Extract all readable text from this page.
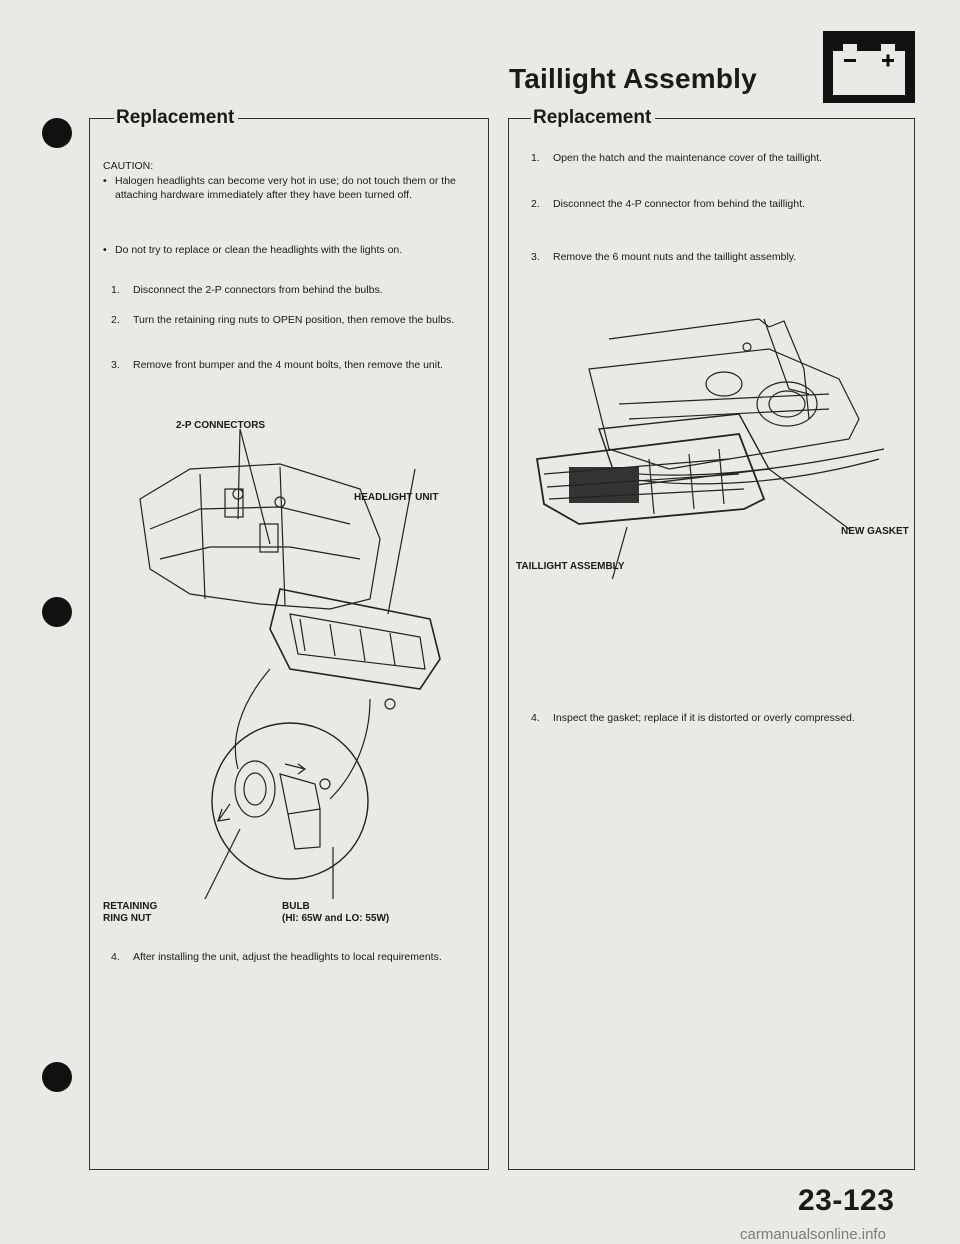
Taillight Assembly
Replacement
CAUTION:
• Halogen headlights can become very hot in use; do not touch them or the attaching hardware immediately after they have been turned off.
• Do not try to replace or clean the headlights with the lights on.
1. Disconnect the 2-P connectors from behind the bulbs.
2. Turn the retaining ring nuts to OPEN position, then remove the bulbs.
3. Remove front bumper and the 4 mount bolts, then remove the unit.
2-P CONNECTORS
HEADLIGHT UNIT
RETAINING
RING NUT
BULB
(HI: 65W and LO: 55W)
4. After installing the unit, adjust the headlights to local requirements.
Replacement
1. Open the hatch and the maintenance cover of the taillight.
2. Disconnect the 4-P connector from behind the taillight.
3. Remove the 6 mount nuts and the taillight assembly.
NEW GASKET
TAILLIGHT ASSEMBLY
4. Inspect the gasket; replace if it is distorted or overly compressed.
23-123
carmanualsonline.info
